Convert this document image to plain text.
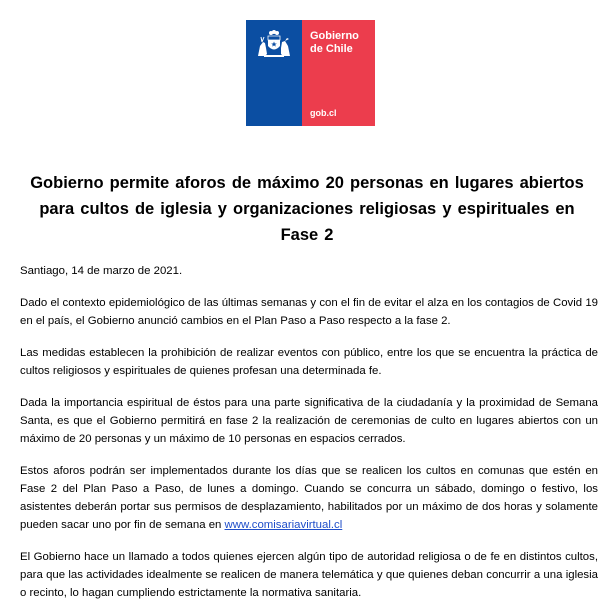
Gobierno
de Chile
gob.cl
Gobierno permite aforos de máximo 20 personas en lugares abiertos para cultos de iglesia y organizaciones religiosas y espirituales en Fase 2

Santiago, 14 de marzo de 2021.

Dado el contexto epidemiológico de las últimas semanas y con el fin de evitar el alza en los contagios de Covid 19 en el país, el Gobierno anunció cambios en el Plan Paso a Paso respecto a la fase 2.

Las medidas establecen la prohibición de realizar eventos con público, entre los que se encuentra la práctica de cultos religiosos y espirituales de quienes profesan una determinada fe.

Dada la importancia espiritual de éstos para una parte significativa de la ciudadanía y la proximidad de Semana Santa, es que el Gobierno permitirá en fase 2 la realización de ceremonias de culto en lugares abiertos con un máximo de 20 personas y un máximo de 10 personas en espacios cerrados.

Estos aforos podrán ser implementados durante los días que se realicen los cultos en comunas que estén en Fase 2 del Plan Paso a Paso, de lunes a domingo. Cuando se concurra un sábado, domingo o festivo, los asistentes deberán portar sus permisos de desplazamiento, habilitados por un máximo de dos horas y solamente pueden sacar uno por fin de semana en www.comisariavirtual.cl

El Gobierno hace un llamado a todos quienes ejercen algún tipo de autoridad religiosa o de fe en distintos cultos, para que las actividades idealmente se realicen de manera telemática y que quienes deban concurrir a una iglesia o recinto, lo hagan cumpliendo estrictamente la normativa sanitaria.
